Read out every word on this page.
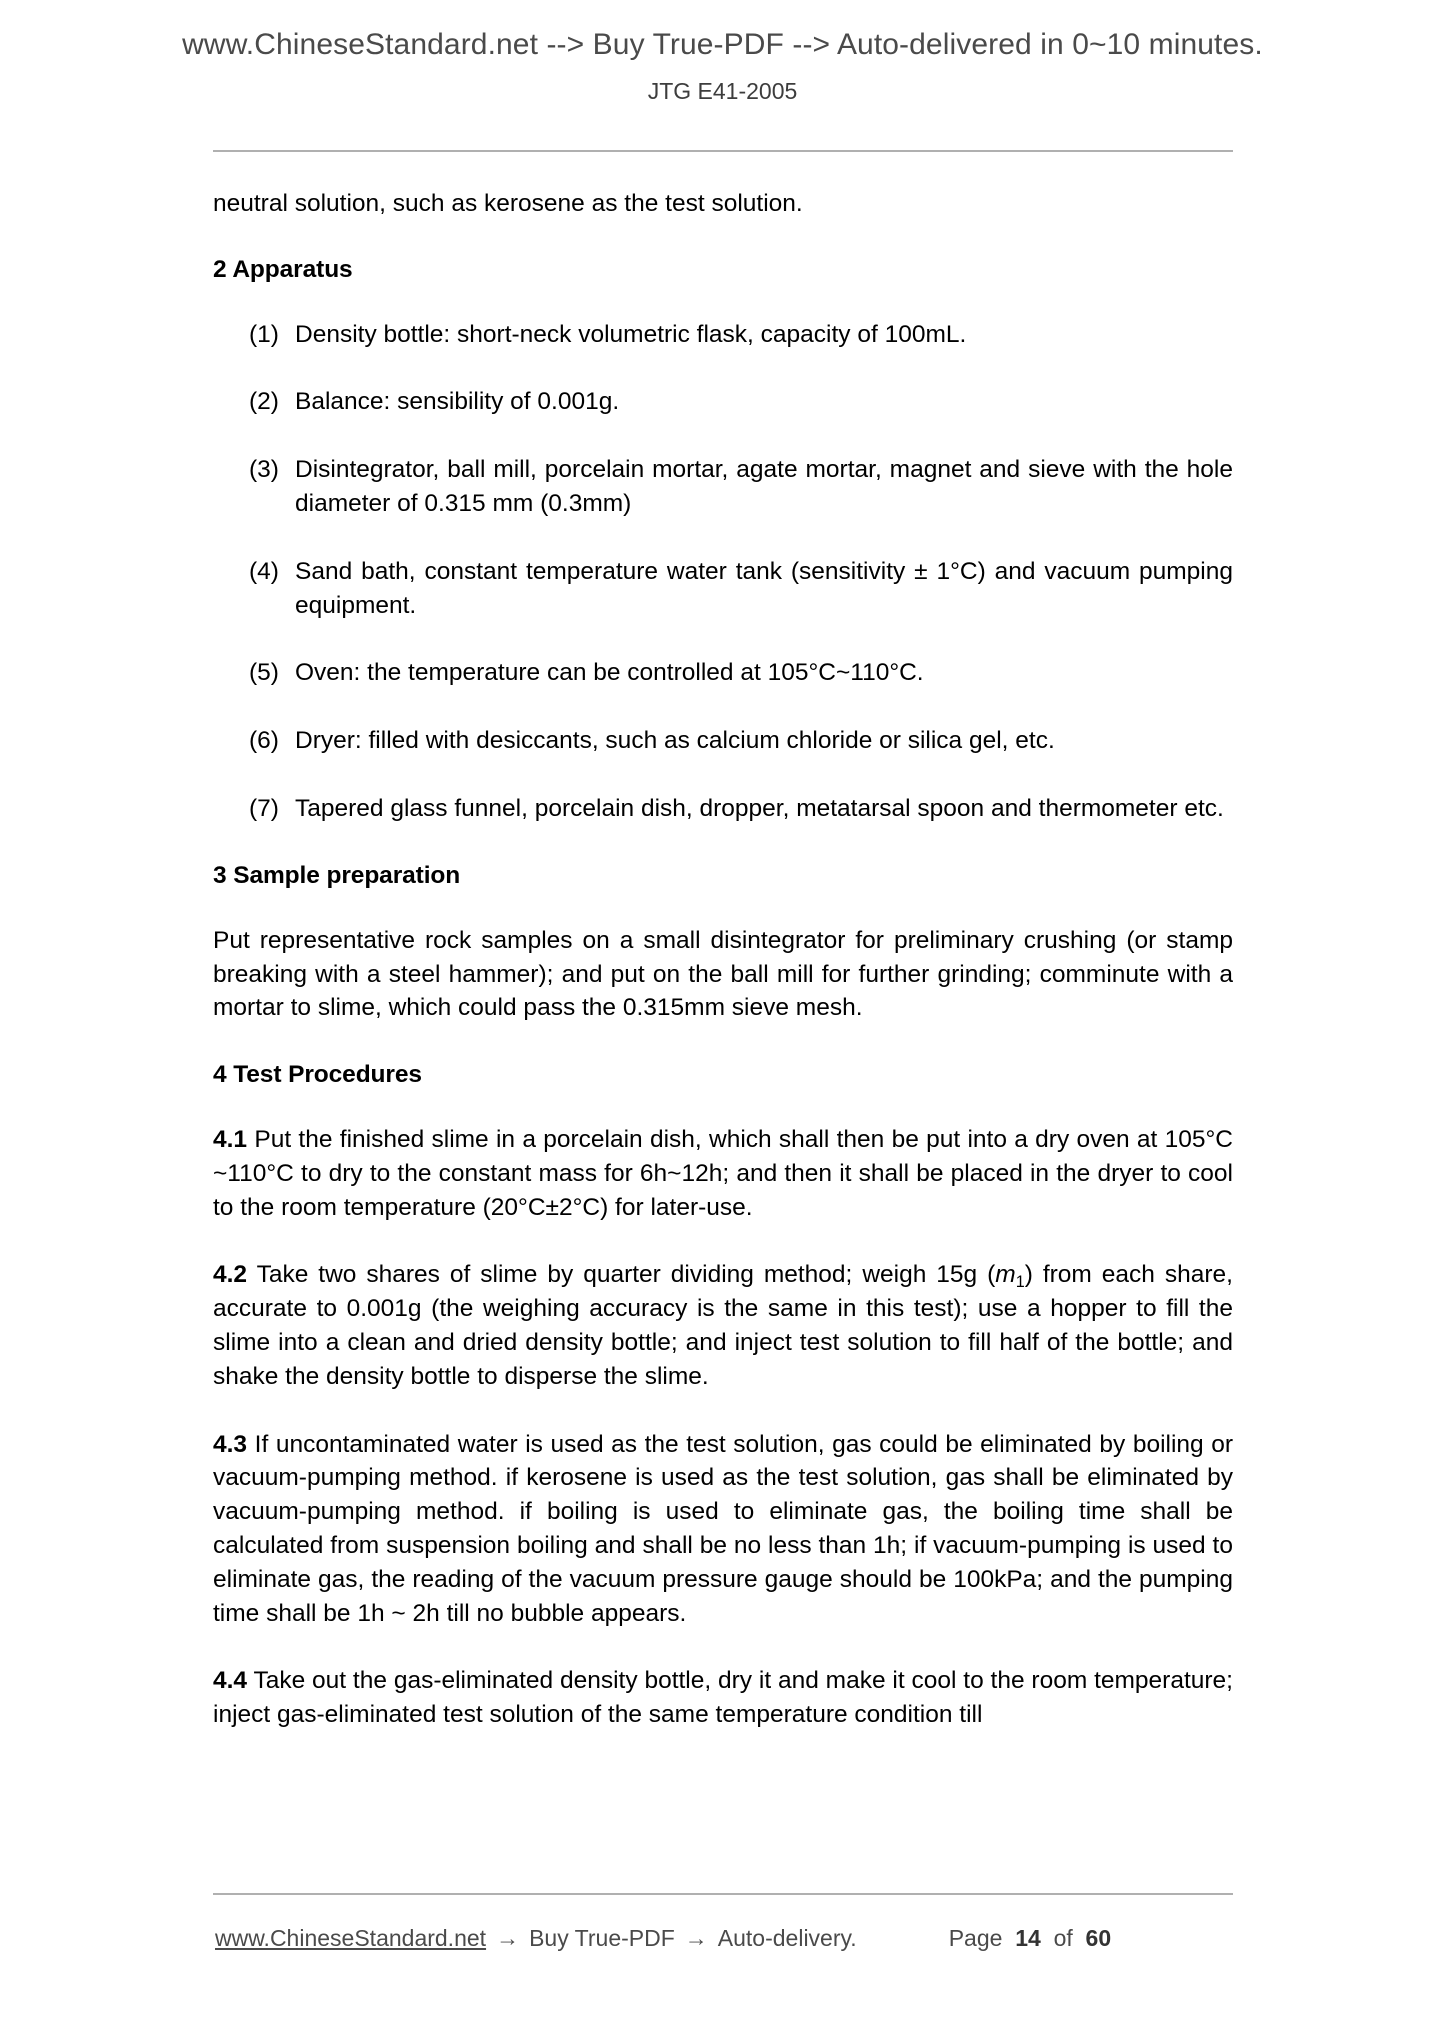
www.ChineseStandard.net --> Buy True-PDF --> Auto-delivered in 0~10 minutes.
JTG E41-2005

neutral solution, such as kerosene as the test solution.

2 Apparatus
(1) Density bottle: short-neck volumetric flask, capacity of 100mL.
(2) Balance: sensibility of 0.001g.
(3) Disintegrator, ball mill, porcelain mortar, agate mortar, magnet and sieve with the hole diameter of 0.315 mm (0.3mm)
(4) Sand bath, constant temperature water tank (sensitivity ± 1°C) and vacuum pumping equipment.
(5) Oven: the temperature can be controlled at 105°C~110°C.
(6) Dryer: filled with desiccants, such as calcium chloride or silica gel, etc.
(7) Tapered glass funnel, porcelain dish, dropper, metatarsal spoon and thermometer etc.
3 Sample preparation

Put representative rock samples on a small disintegrator for preliminary crushing (or stamp breaking with a steel hammer); and put on the ball mill for further grinding; comminute with a mortar to slime, which could pass the 0.315mm sieve mesh.

4 Test Procedures

4.1 Put the finished slime in a porcelain dish, which shall then be put into a dry oven at 105°C ~110°C to dry to the constant mass for 6h~12h; and then it shall be placed in the dryer to cool to the room temperature (20°C±2°C) for later-use.

4.2 Take two shares of slime by quarter dividing method; weigh 15g $(m_1)$ from each share, accurate to 0.001g (the weighing accuracy is the same in this test); use a hopper to fill the slime into a clean and dried density bottle; and inject test solution to fill half of the bottle; and shake the density bottle to disperse the slime.

4.3 If uncontaminated water is used as the test solution, gas could be eliminated by boiling or vacuum-pumping method. if kerosene is used as the test solution, gas shall be eliminated by vacuum-pumping method. if boiling is used to eliminate gas, the boiling time shall be calculated from suspension boiling and shall be no less than 1h; if vacuum-pumping is used to eliminate gas, the reading of the vacuum pressure gauge should be 100kPa; and the pumping time shall be 1h ~ 2h till no bubble appears.

4.4 Take out the gas-eliminated density bottle, dry it and make it cool to the room temperature; inject gas-eliminated test solution of the same temperature condition till

www.ChineseStandard.net → Buy True-PDF → Auto-delivery.	Page 14 of 60
